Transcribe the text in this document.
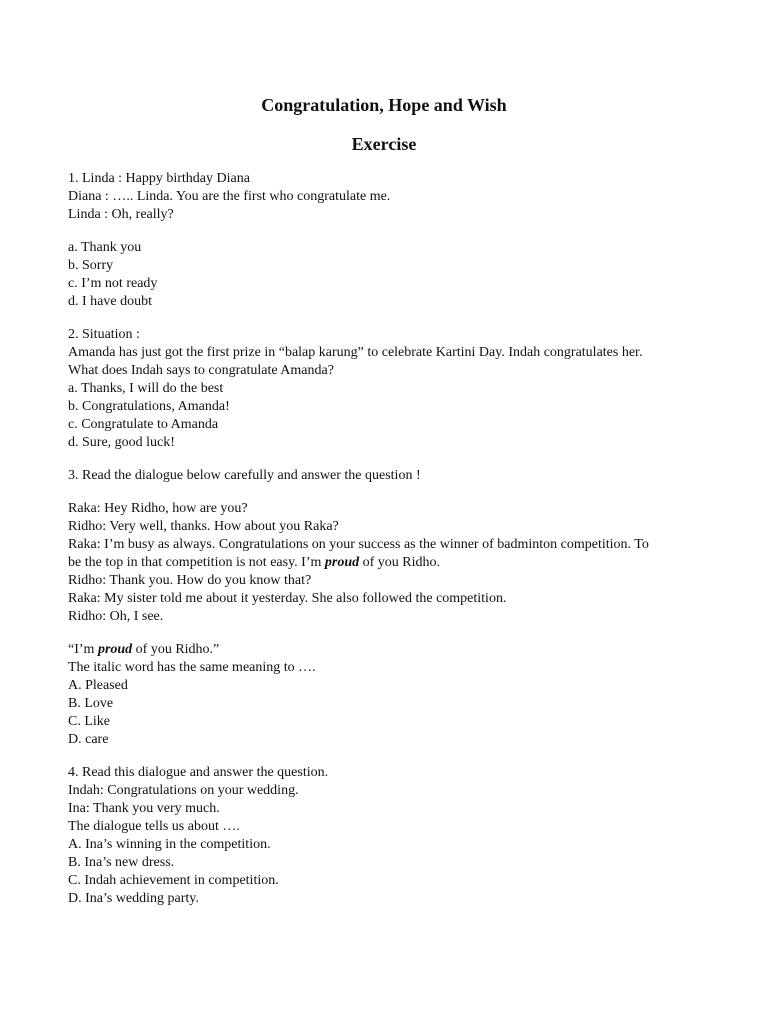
Congratulation, Hope and Wish
Exercise
1. Linda : Happy birthday Diana
Diana : ….. Linda. You are the first who congratulate me.
Linda : Oh, really?
a. Thank you
b. Sorry
c. I’m not ready
d. I have doubt
2. Situation :
Amanda has just got the first prize in “balap karung” to celebrate Kartini Day. Indah congratulates her.
What does Indah says to congratulate Amanda?
a. Thanks, I will do the best
b. Congratulations, Amanda!
c. Congratulate to Amanda
d. Sure, good luck!
3. Read the dialogue below carefully and answer the question !
Raka: Hey Ridho, how are you?
Ridho: Very well, thanks. How about you Raka?
Raka: I’m busy as always. Congratulations on your success as the winner of badminton competition. To
be the top in that competition is not easy. I’m proud of you Ridho.
Ridho: Thank you. How do you know that?
Raka: My sister told me about it yesterday. She also followed the competition.
Ridho: Oh, I see.
“I’m proud of you Ridho.”
The italic word has the same meaning to ….
A. Pleased
B. Love
C. Like
D. care
4. Read this dialogue and answer the question.
Indah: Congratulations on your wedding.
Ina: Thank you very much.
The dialogue tells us about ….
A. Ina’s winning in the competition.
B. Ina’s new dress.
C. Indah achievement in competition.
D. Ina’s wedding party.
